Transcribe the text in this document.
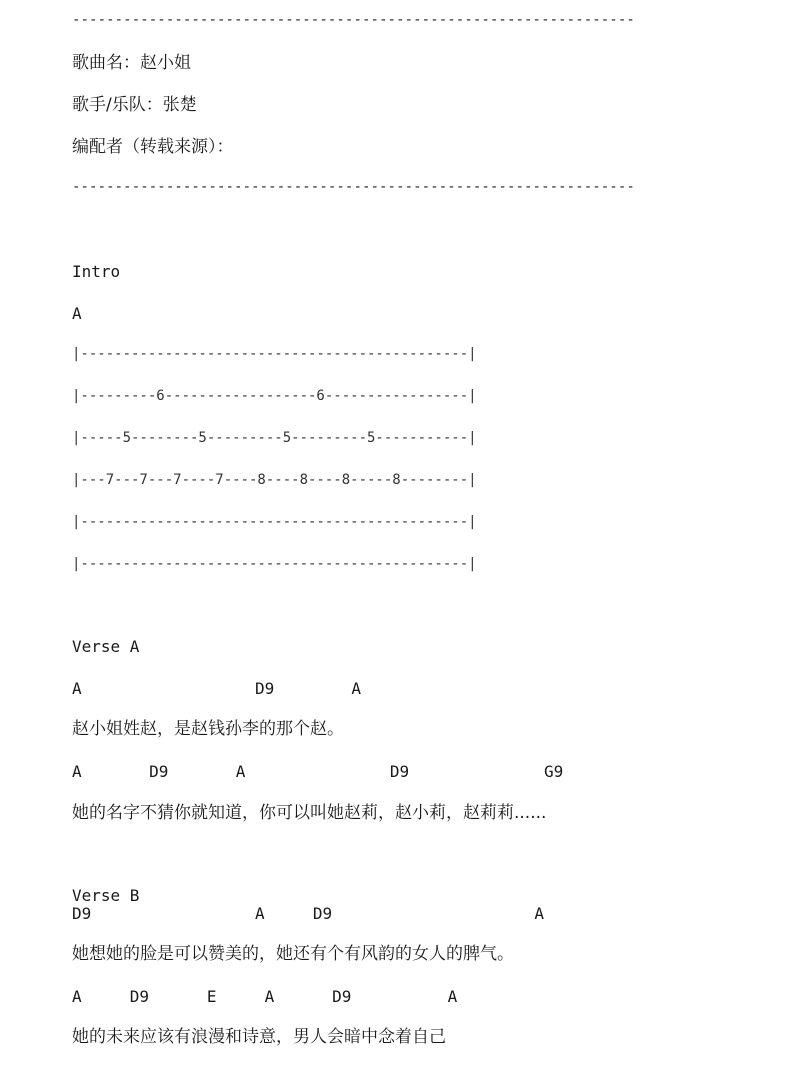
------------------------------------------------------------------
歌曲名：赵小姐
歌手/乐队：张楚
编配者（转载来源）：
------------------------------------------------------------------
Intro
A
|----------------------------------------------|
|---------6------------------6-----------------|
|-----5--------5---------5---------5-----------|
|---7---7---7----7----8----8----8-----8--------|
|----------------------------------------------|
|----------------------------------------------|
Verse A
A                  D9        A
赵小姐姓赵，是赵钱孙李的那个赵。
A       D9       A               D9              G9
她的名字不猜你就知道，你可以叫她赵莉，赵小莉，赵莉莉......
Verse B
D9                 A     D9                     A
她想她的脸是可以赞美的，她还有个有风韵的女人的脾气。
A     D9      E     A      D9          A
她的未来应该有浪漫和诗意，男人会暗中念着自己
